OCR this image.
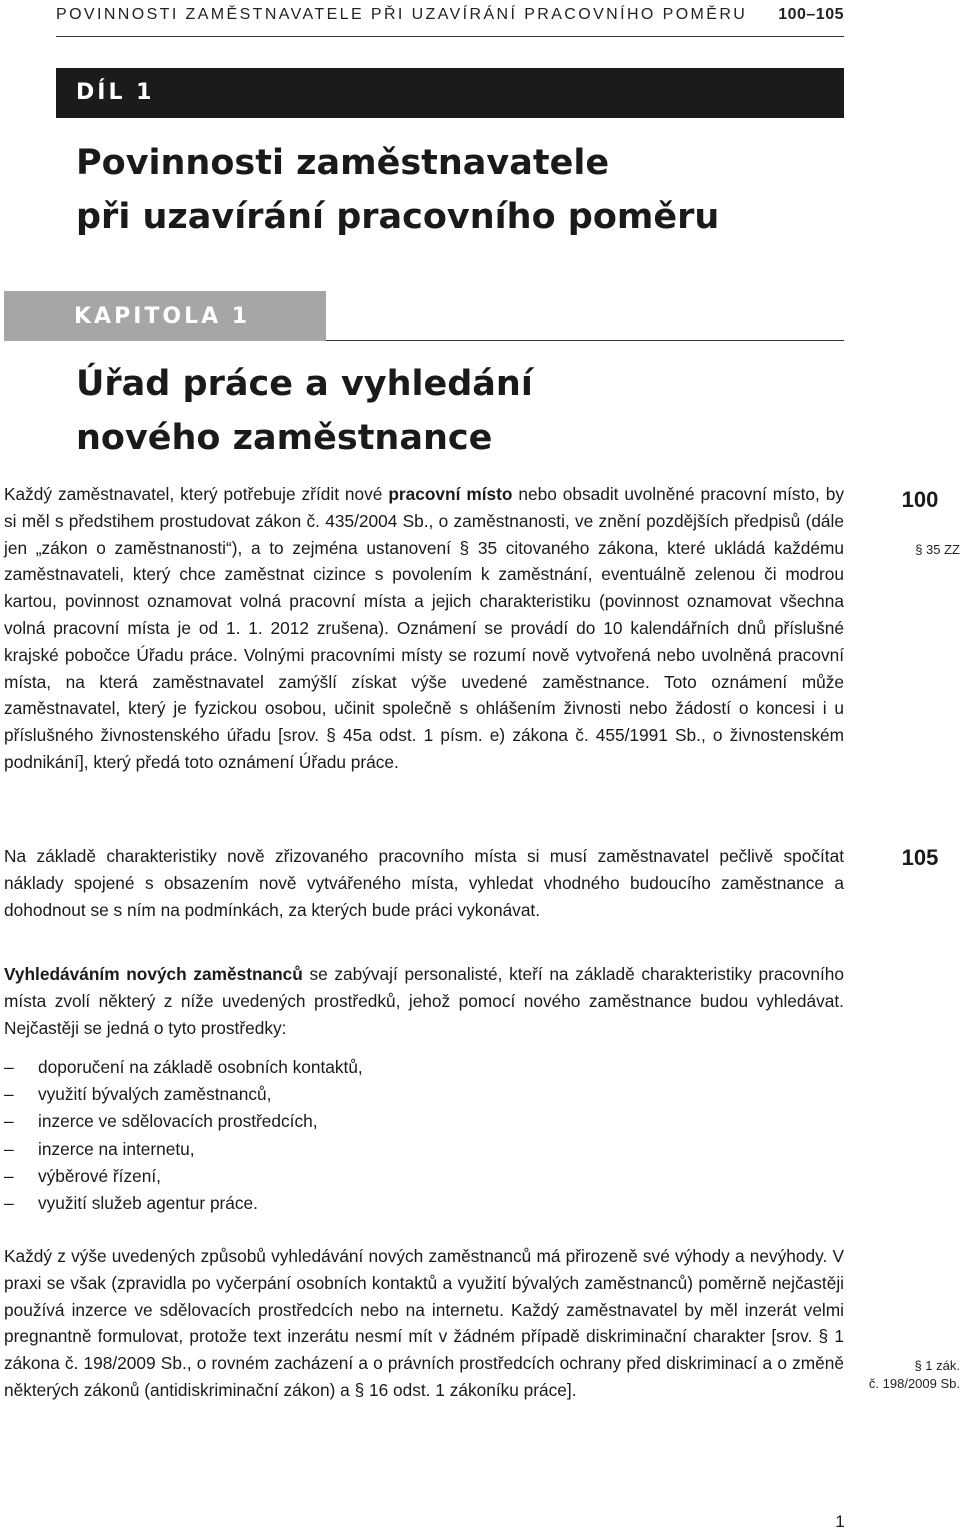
POVINNOSTI ZAMĚSTNAVATELE PŘI UZAVÍRÁNÍ PRACOVNÍHO POMĚRU 100–105
DÍL 1
Povinnosti zaměstnavatele
při uzavírání pracovního poměru
KAPITOLA 1
Úřad práce a vyhledání
nového zaměstnance

Každý zaměstnavatel, který potřebuje zřídit nové pracovní místo nebo obsadit uvolněné pracovní místo, by si měl s předstihem prostudovat zákon č. 435/2004 Sb., o zaměstnanosti, ve znění pozdějších předpisů (dále jen „zákon o zaměstnanosti“), a to zejména ustanovení § 35 citovaného zákona, které ukládá každému zaměstnavateli, který chce zaměstnat cizince s povolením k zaměstnání, eventuálně zelenou či modrou kartou, povinnost oznamovat volná pracovní místa a jejich charakteristiku (povinnost oznamovat všechna volná pracovní místa je od 1. 1. 2012 zrušena). Oznámení se provádí do 10 kalendářních dnů příslušné krajské pobočce Úřadu práce. Volnými pracovními místy se rozumí nově vytvořená nebo uvolněná pracovní místa, na která zaměstnavatel zamýšlí získat výše uvedené zaměstnance. Toto oznámení může zaměstnavatel, který je fyzickou osobou, učinit společně s ohlášením živnosti nebo žádostí o koncesi i u příslušného živnostenského úřadu [srov. § 45a odst. 1 písm. e) zákona č. 455/1991 Sb., o živnostenském podnikání], který předá toto oznámení Úřadu práce.

Na základě charakteristiky nově zřizovaného pracovního místa si musí zaměstnavatel pečlivě spočítat náklady spojené s obsazením nově vytvářeného místa, vyhledat vhodného budoucího zaměstnance a dohodnout se s ním na podmínkách, za kterých bude práci vykonávat.

Vyhledáváním nových zaměstnanců se zabývají personalisté, kteří na základě charakteristiky pracovního místa zvolí některý z níže uvedených prostředků, jehož pomocí nového zaměstnance budou vyhledávat. Nejčastěji se jedná o tyto prostředky:

– doporučení na základě osobních kontaktů,
– využití bývalých zaměstnanců,
– inzerce ve sdělovacích prostředcích,
– inzerce na internetu,
– výběrové řízení,
– využití služeb agentur práce.

Každý z výše uvedených způsobů vyhledávání nových zaměstnanců má přirozeně své výhody a nevýhody. V praxi se však (zpravidla po vyčerpání osobních kontaktů a využití bývalých zaměstnanců) poměrně nejčastěji používá inzerce ve sdělovacích prostředcích nebo na internetu. Každý zaměstnavatel by měl inzerát velmi pregnantně formulovat, protože text inzerátu nesmí mít v žádném případě diskriminační charakter [srov. § 1 zákona č. 198/2009 Sb., o rovném zacházení a o právních prostředcích ochrany před diskriminací a o změně některých zákonů (antidiskriminační zákon) a § 16 odst. 1 zákoníku práce].

100
§ 35 ZZ
105
§ 1 zák.
č. 198/2009 Sb.
1
